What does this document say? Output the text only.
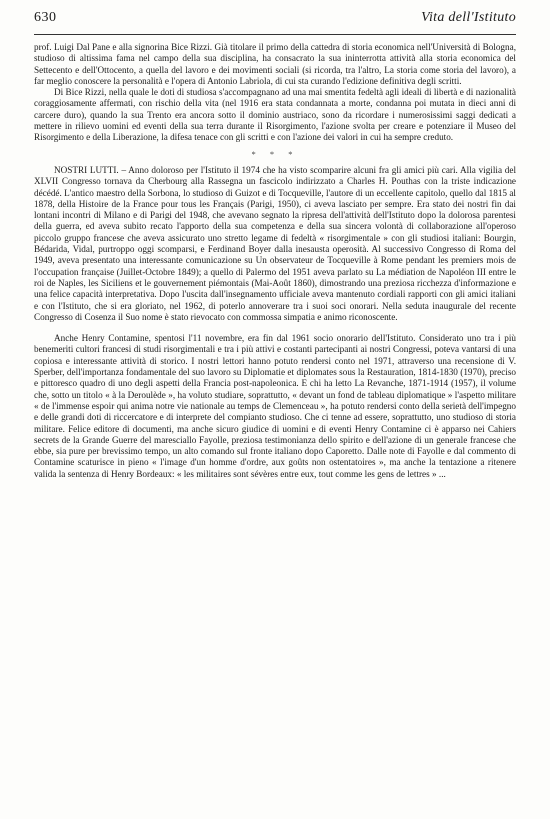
630	Vita dell'Istituto

prof. Luigi Dal Pane e alla signorina Bice Rizzi. Già titolare il primo della cattedra di storia economica nell'Università di Bologna, studioso di altissima fama nel campo della sua disciplina, ha consacrato la sua ininterrotta attività alla storia economica del Settecento e dell'Ottocento, a quella del lavoro e dei movimenti sociali (si ricorda, tra l'altro, La storia come storia del lavoro), a far meglio conoscere la personalità e l'opera di Antonio Labriola, di cui sta curando l'edizione definitiva degli scritti.

Di Bice Rizzi, nella quale le doti di studiosa s'accompagnano ad una mai smentita fedeltà agli ideali di libertà e di nazionalità coraggiosamente affermati, con rischio della vita (nel 1916 era stata condannata a morte, condanna poi mutata in dieci anni di carcere duro), quando la sua Trento era ancora sotto il dominio austriaco, sono da ricordare i numerosissimi saggi dedicati a mettere in rilievo uomini ed eventi della sua terra durante il Risorgimento, l'azione svolta per creare e potenziare il Museo del Risorgimento e della Liberazione, la difesa tenace con gli scritti e con l'azione dei valori in cui ha sempre creduto.

* * *

NOSTRI LUTTI. – Anno doloroso per l'Istituto il 1974 che ha visto scomparire alcuni fra gli amici più cari. Alla vigilia del XLVII Congresso tornava da Cherbourg alla Rassegna un fascicolo indirizzato a Charles H. Pouthas con la triste indicazione décédé. L'antico maestro della Sorbona, lo studioso di Guizot e di Tocqueville, l'autore di un eccellente capitolo, quello dal 1815 al 1878, della Histoire de la France pour tous les Français (Parigi, 1950), ci aveva lasciato per sempre. Era stato dei nostri fin dai lontani incontri di Milano e di Parigi del 1948, che avevano segnato la ripresa dell'attività dell'Istituto dopo la dolorosa parentesi della guerra, ed aveva subito recato l'apporto della sua competenza e della sua sincera volontà di collaborazione all'operoso piccolo gruppo francese che aveva assicurato uno stretto legame di fedeltà « risorgimentale » con gli studiosi italiani: Bourgin, Bédarida, Vidal, purtroppo oggi scomparsi, e Ferdinand Boyer dalla inesausta operosità. Al successivo Congresso di Roma del 1949, aveva presentato una interessante comunicazione su Un observateur de Tocqueville à Rome pendant les premiers mois de l'occupation française (Juillet-Octobre 1849); a quello di Palermo del 1951 aveva parlato su La médiation de Napoléon III entre le roi de Naples, les Siciliens et le gouvernement piémontais (Mai-Août 1860), dimostrando una preziosa ricchezza d'informazione e una felice capacità interpretativa. Dopo l'uscita dall'insegnamento ufficiale aveva mantenuto cordiali rapporti con gli amici italiani e con l'Istituto, che si era gloriato, nel 1962, di poterlo annoverare tra i suoi soci onorari. Nella seduta inaugurale del recente Congresso di Cosenza il Suo nome è stato rievocato con commossa simpatia e animo riconoscente.

Anche Henry Contamine, spentosi l'11 novembre, era fin dal 1961 socio onorario dell'Istituto. Considerato uno tra i più benemeriti cultori francesi di studi risorgimentali e tra i più attivi e costanti partecipanti ai nostri Congressi, poteva vantarsi di una copiosa e interessante attività di storico. I nostri lettori hanno potuto rendersi conto nel 1971, attraverso una recensione di V. Sperber, dell'importanza fondamentale del suo lavoro su Diplomatie et diplomates sous la Restauration, 1814-1830 (1970), preciso e pittoresco quadro di uno degli aspetti della Francia post-napoleonica. E chi ha letto La Revanche, 1871-1914 (1957), il volume che, sotto un titolo « à la Deroulède », ha voluto studiare, soprattutto, « devant un fond de tableau diplomatique » l'aspetto militare « de l'immense espoir qui anima notre vie nationale au temps de Clemenceau », ha potuto rendersi conto della serietà dell'impegno e delle grandi doti di riccercatore e di interprete del compianto studioso. Che ci tenne ad essere, soprattutto, uno studioso di storia militare. Felice editore di documenti, ma anche sicuro giudice di uomini e di eventi Henry Contamine ci è apparso nei Cahiers secrets de la Grande Guerre del maresciallo Fayolle, preziosa testimonianza dello spirito e dell'azione di un generale francese che ebbe, sia pure per brevissimo tempo, un alto comando sul fronte italiano dopo Caporetto. Dalle note di Fayolle e dal commento di Contamine scaturisce in pieno « l'image d'un homme d'ordre, aux goûts non ostentatoires », ma anche la tentazione a ritenere valida la sentenza di Henry Bordeaux: « les militaires sont sévères entre eux, tout comme les gens de lettres » ...
